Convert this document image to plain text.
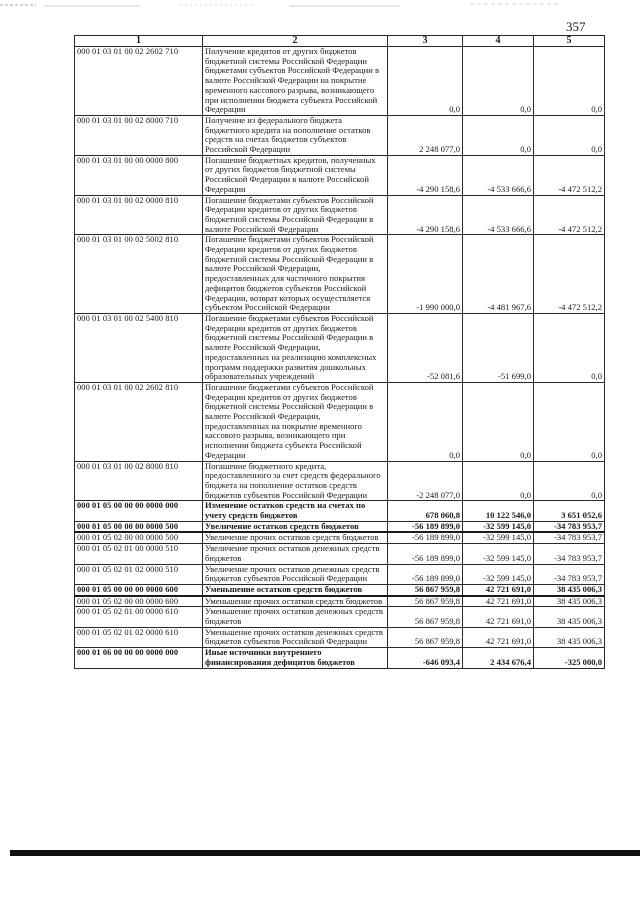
357
1	2	3	4	5
000 01 03 01 00 02 2602 710	Получение кредитов от других бюджетов бюджетной системы Российской Федерации бюджетами субъектов Российской Федерации в валюте Российской Федерации на покрытие временного кассового разрыва, возникающего при исполнении бюджета субъекта Российской Федерации	0,0	0,0	0,0
000 01 03 01 00 02 8000 710	Получение из федерального бюджета бюджетного кредита на пополнение остатков средств на счетах бюджетов субъектов Российской Федерации	2 248 077,0	0,0	0,0
000 01 03 01 00 00 0000 800	Погашение бюджетных кредитов, полученных от других бюджетов бюджетной системы Российской Федерации в валюте Российской Федерации	-4 290 158,6	-4 533 666,6	-4 472 512,2
000 01 03 01 00 02 0000 810	Погашение бюджетами субъектов Российской Федерации кредитов от других бюджетов бюджетной системы Российской Федерации в валюте Российской Федерации	-4 290 158,6	-4 533 666,6	-4 472 512,2
000 01 03 01 00 02 5002 810	Погашение бюджетами субъектов Российской Федерации кредитов от других бюджетов бюджетной системы Российской Федерации в валюте Российской Федерации, предоставленных для частичного покрытия дефицитов бюджетов субъектов Российской Федерации, возврат которых осуществляется субъектом Российской Федерации	-1 990 000,0	-4 481 967,6	-4 472 512,2
000 01 03 01 00 02 5400 810	Погашение бюджетами субъектов Российской Федерации кредитов от других бюджетов бюджетной системы Российской Федерации в валюте Российской Федерации, предоставленных на реализацию комплексных программ поддержки развития дошкольных образовательных учреждений	-52 081,6	-51 699,0	0,0
000 01 03 01 00 02 2602 810	Погашение бюджетами субъектов Российской Федерации кредитов от других бюджетов бюджетной системы Российской Федерации в валюте Российской Федерации, предоставленных на покрытие временного кассового разрыва, возникающего при исполнении бюджета субъекта Российской Федерации	0,0	0,0	0,0
000 01 03 01 00 02 8000 810	Погашение бюджетного кредита, предоставленного за счет средств федерального бюджета на пополнение остатков средств бюджетов субъектов Российской Федерации	-2 248 077,0	0,0	0,0
000 01 05 00 00 00 0000 000	Изменение остатков средств на счетах по учету средств бюджетов	678 060,8	10 122 546,0	3 651 052,6
000 01 05 00 00 00 0000 500	Увеличение остатков средств бюджетов	-56 189 899,0	-32 599 145,0	-34 783 953,7
000 01 05 02 00 00 0000 500	Увеличение прочих остатков средств бюджетов	-56 189 899,0	-32 599 145,0	-34 783 953,7
000 01 05 02 01 00 0000 510	Увеличение прочих остатков денежных средств бюджетов	-56 189 899,0	-32 599 145,0	-34 783 953,7
000 01 05 02 01 02 0000 510	Увеличение прочих остатков денежных средств бюджетов субъектов Российской Федерации	-56 189 899,0	-32 599 145,0	-34 783 953,7
000 01 05 00 00 00 0000 600	Уменьшение остатков средств бюджетов	56 867 959,8	42 721 691,0	38 435 006,3
000 01 05 02 00 00 0000 600	Уменьшение прочих остатков средств бюджетов	56 867 959,8	42 721 691,0	38 435 006,3
000 01 05 02 01 00 0000 610	Уменьшение прочих остатков денежных средств бюджетов	56 867 959,8	42 721 691,0	38 435 006,3
000 01 05 02 01 02 0000 610	Уменьшение прочих остатков денежных средств бюджетов субъектов Российской Федерации	56 867 959,8	42 721 691,0	38 435 006,3
000 01 06 00 00 00 0000 000	Иные источники внутреннего финансирования дефицитов бюджетов	-646 093,4	2 434 676,4	-325 000,0
